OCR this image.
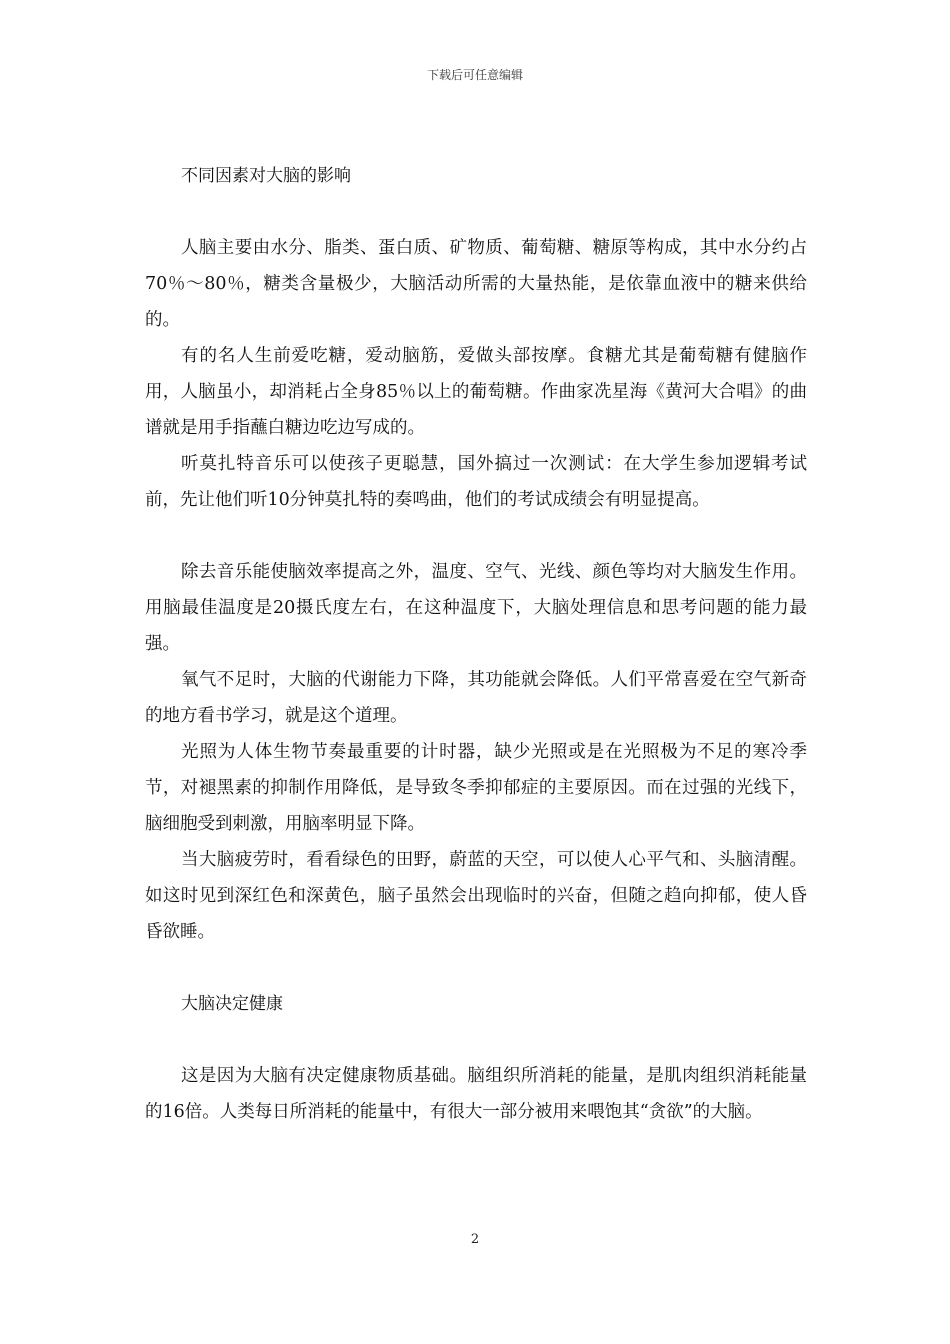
下载后可任意编辑
不同因素对大脑的影响

人脑主要由水分、脂类、蛋白质、矿物质、葡萄糖、糖原等构成，其中水分约占70％～80％，糖类含量极少，大脑活动所需的大量热能，是依靠血液中的糖来供给的。

有的名人生前爱吃糖，爱动脑筋，爱做头部按摩。食糖尤其是葡萄糖有健脑作用，人脑虽小，却消耗占全身85％以上的葡萄糖。作曲家冼星海《黄河大合唱》的曲谱就是用手指蘸白糖边吃边写成的。

听莫扎特音乐可以使孩子更聪慧，国外搞过一次测试：在大学生参加逻辑考试前，先让他们听10分钟莫扎特的奏鸣曲，他们的考试成绩会有明显提高。

除去音乐能使脑效率提高之外，温度、空气、光线、颜色等均对大脑发生作用。用脑最佳温度是20摄氏度左右，在这种温度下，大脑处理信息和思考问题的能力最强。

氧气不足时，大脑的代谢能力下降，其功能就会降低。人们平常喜爱在空气新奇的地方看书学习，就是这个道理。

光照为人体生物节奏最重要的计时器，缺少光照或是在光照极为不足的寒冷季节，对褪黑素的抑制作用降低，是导致冬季抑郁症的主要原因。而在过强的光线下，脑细胞受到刺激，用脑率明显下降。

当大脑疲劳时，看看绿色的田野，蔚蓝的天空，可以使人心平气和、头脑清醒。如这时见到深红色和深黄色，脑子虽然会出现临时的兴奋，但随之趋向抑郁，使人昏昏欲睡。

大脑决定健康

这是因为大脑有决定健康物质基础。脑组织所消耗的能量，是肌肉组织消耗能量的16倍。人类每日所消耗的能量中，有很大一部分被用来喂饱其“贪欲”的大脑。

2
